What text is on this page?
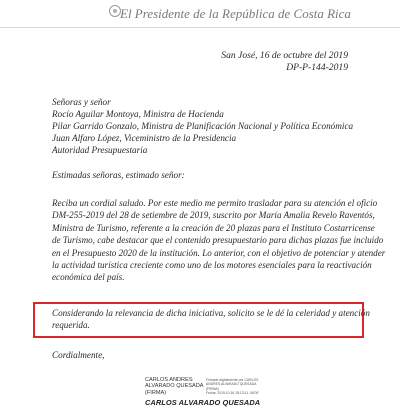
El Presidente de la República de Costa Rica
San José, 16 de octubre del 2019
DP-P-144-2019
Señoras y señor
Rocío Aguilar Montoya, Ministra de Hacienda
Pilar Garrido Gonzalo, Ministra de Planificación Nacional y Política Económica
Juan Alfaro López, Viceministro de la Presidencia
Autoridad Presupuestaria
Estimadas señoras, estimado señor:
Reciba un cordial saludo. Por este medio me permito trasladar para su atención el oficio
DM-255-2019 del 28 de setiembre de 2019, suscrito por María Amalia Revelo Raventós,
Ministra de Turismo, referente a la creación de 20 plazas para el Instituto Costarricense
de Turismo, cabe destacar que el contenido presupuestario para dichas plazas fue incluido
en el Presupuesto 2020 de la institución. Lo anterior, con el objetivo de potenciar y atender
la actividad turística creciente como uno de los motores esenciales para la reactivación
económica del país.
Considerando la relevancia de dicha iniciativa, solicito se le dé la celeridad y atención
requerida.
Cordialmente,
CARLOS ANDRES
ALVARADO QUESADA
(FIRMA)
Firmado digitalmente por CARLOS
ANDRES ALVARADO QUESADA
(FIRMA)
Fecha: 2019.10.16 15:13:11 -06'00'
CARLOS ALVARADO QUESADA
